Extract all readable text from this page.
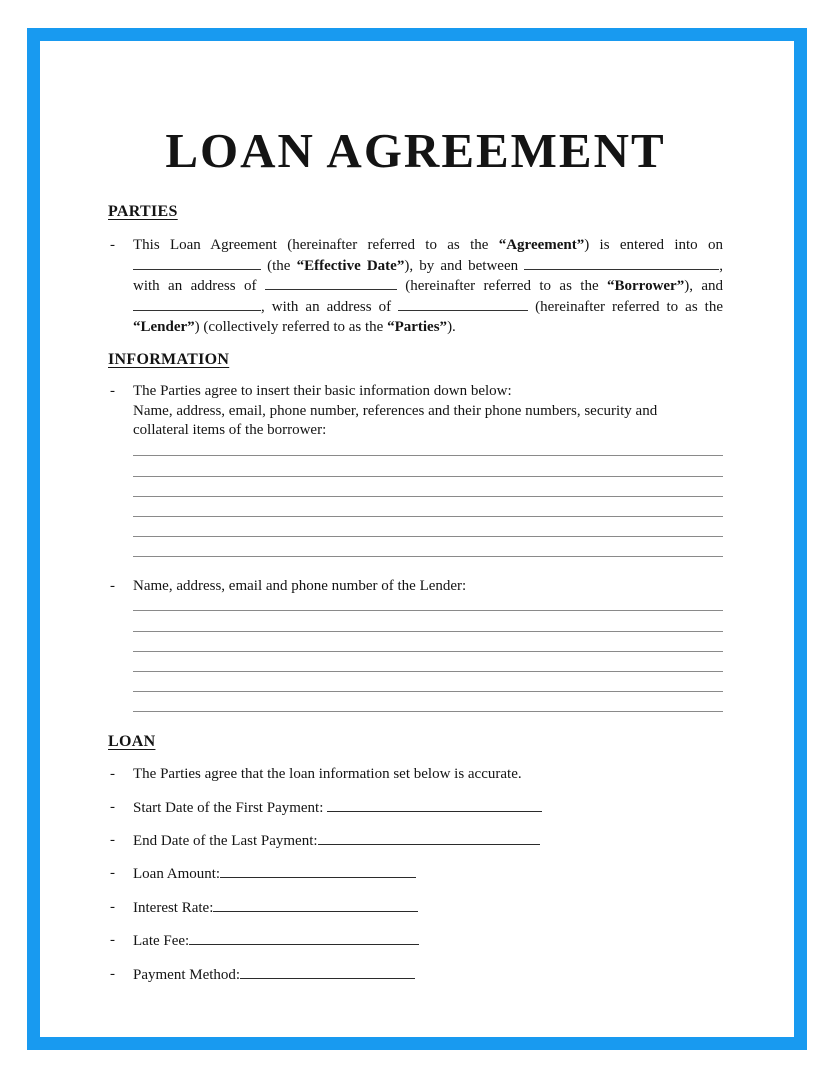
LOAN AGREEMENT
PARTIES
-	This Loan Agreement (hereinafter referred to as the “Agreement”) is entered into on
(the “Effective Date”), by and between	,
with an address of	(hereinafter referred to as the “Borrower”), and
, with an address of	(hereinafter referred to as the
“Lender”) (collectively referred to as the “Parties”).
INFORMATION
-	The Parties agree to insert their basic information down below:
Name, address, email, phone number, references and their phone numbers, security and
collateral items of the borrower:
-	Name, address, email and phone number of the Lender:
LOAN
-	The Parties agree that the loan information set below is accurate.
-	Start Date of the First Payment:
-	End Date of the Last Payment:
-	Loan Amount:
-	Interest Rate:
-	Late Fee:
-	Payment Method:
